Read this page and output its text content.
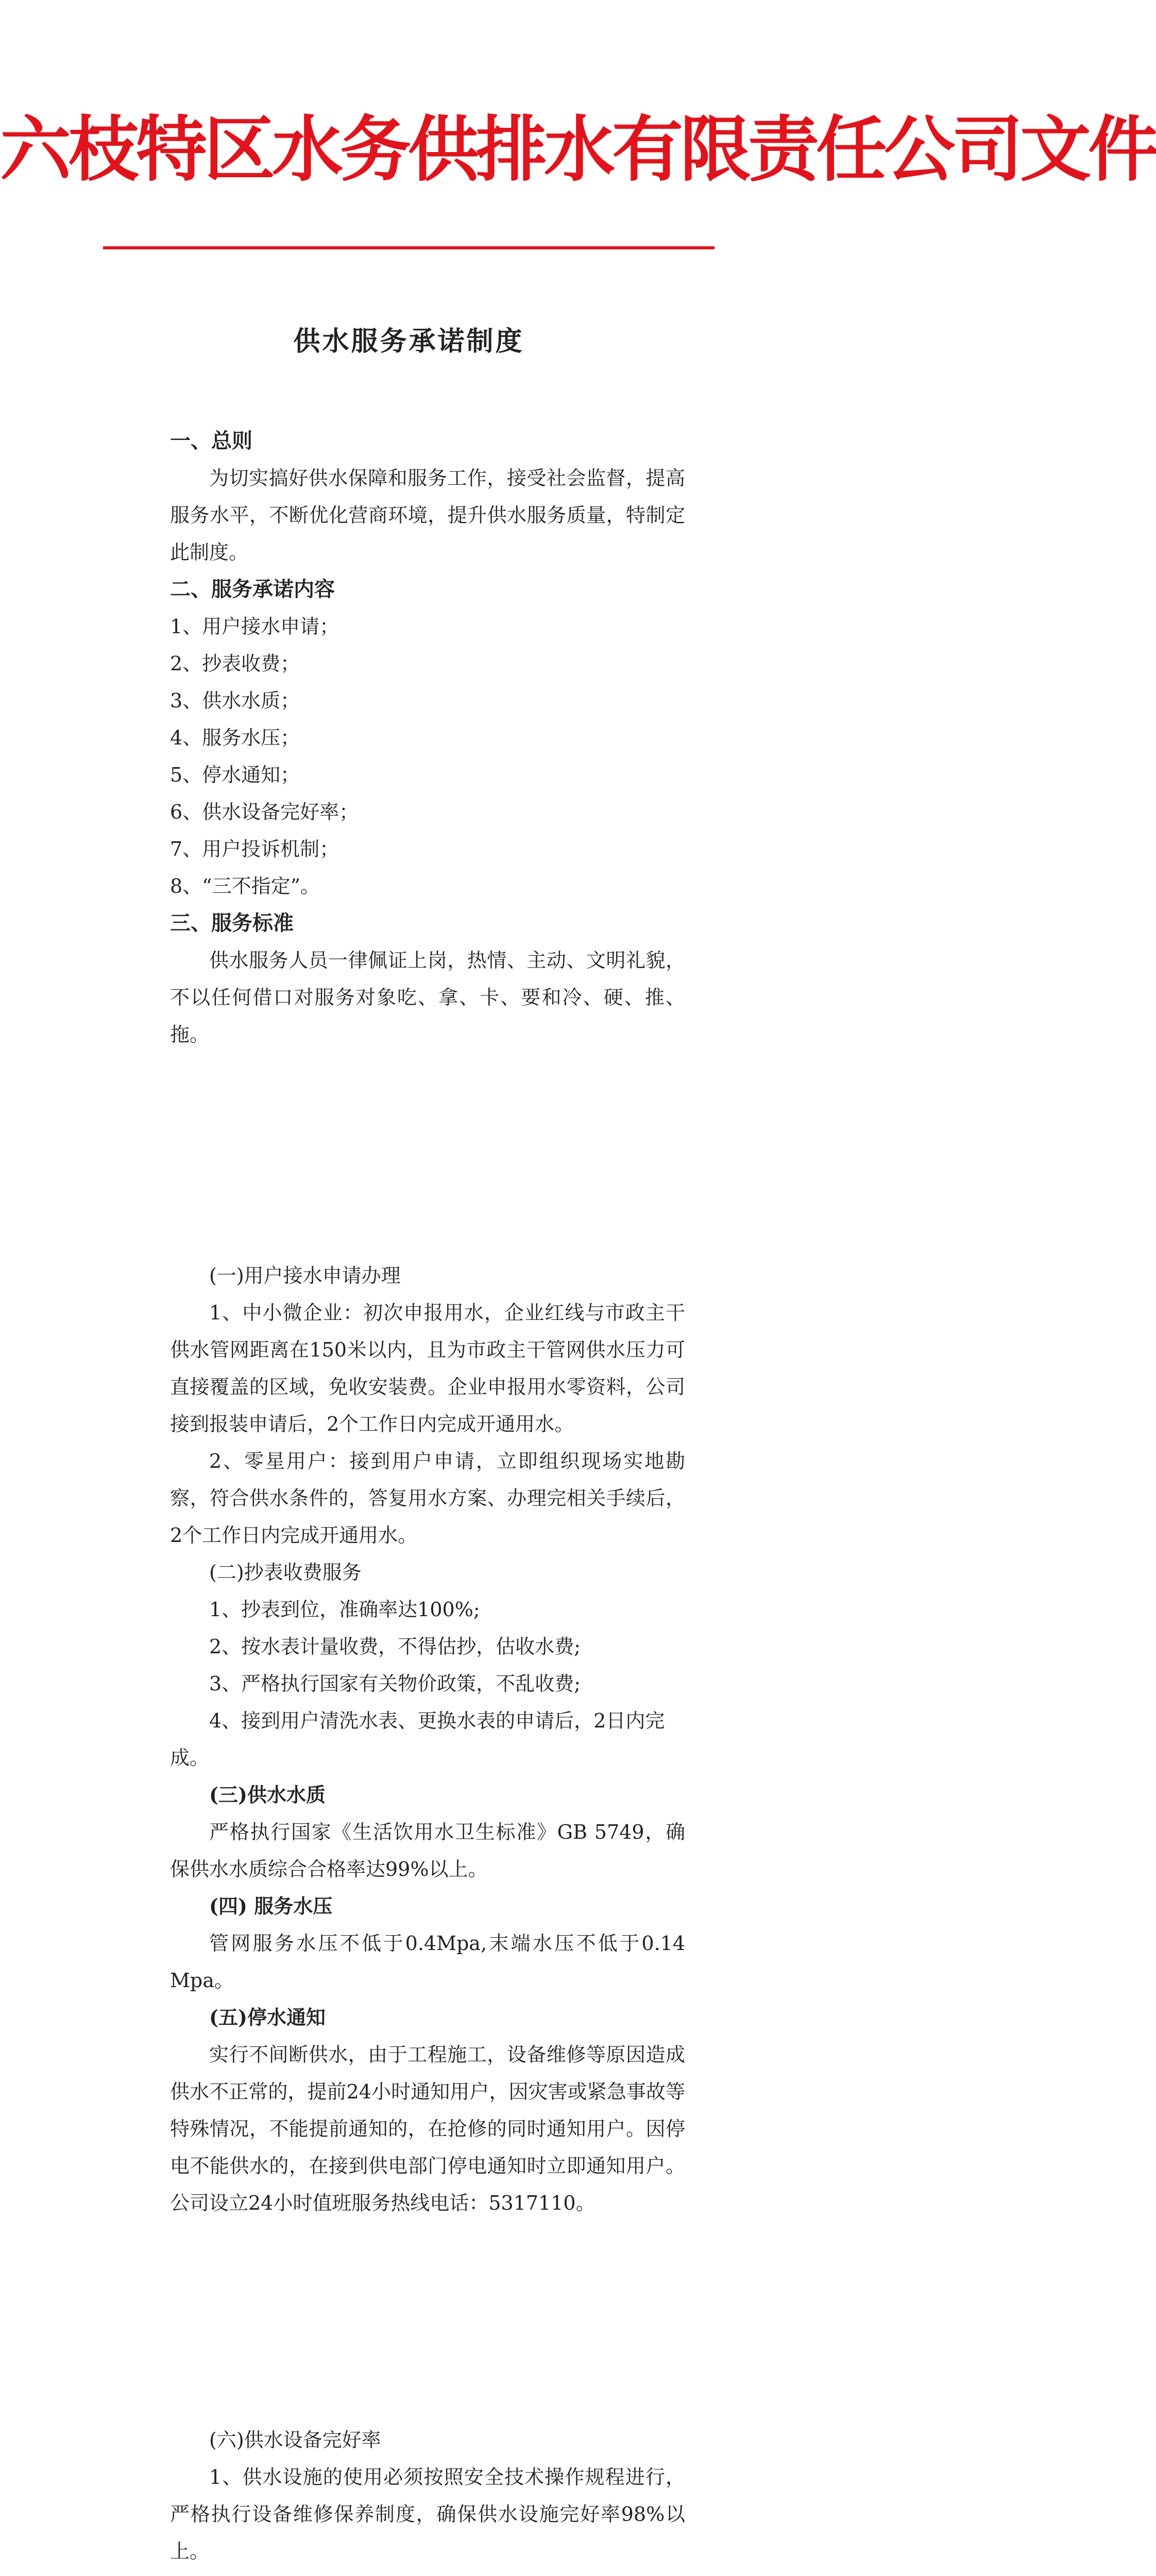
六枝特区水务供排水有限责任公司文件
供水服务承诺制度

一、总则

为切实搞好供水保障和服务工作，接受社会监督，提高服务水平，不断优化营商环境，提升供水服务质量，特制定此制度。

二、服务承诺内容

1、用户接水申请；

2、抄表收费；

3、供水水质；

4、服务水压；

5、停水通知；

6、供水设备完好率；

7、用户投诉机制；

8、“三不指定”。

三、服务标准

供水服务人员一律佩证上岗，热情、主动、文明礼貌，不以任何借口对服务对象吃、拿、卡、要和冷、硬、推、拖。

(一)用户接水申请办理

1、中小微企业：初次申报用水，企业红线与市政主干供水管网距离在150米以内，且为市政主干管网供水压力可直接覆盖的区域，免收安装费。企业申报用水零资料，公司接到报装申请后，2个工作日内完成开通用水。

2、零星用户：接到用户申请，立即组织现场实地勘察，符合供水条件的，答复用水方案、办理完相关手续后，2个工作日内完成开通用水。

(二)抄表收费服务

1、抄表到位，准确率达100%;

2、按水表计量收费，不得估抄，估收水费;

3、严格执行国家有关物价政策，不乱收费;

4、接到用户清洗水表、更换水表的申请后，2日内完成。

(三)供水水质

严格执行国家《生活饮用水卫生标准》GB 5749，确保供水水质综合合格率达99%以上。

(四) 服务水压

管网服务水压不低于0.4Mpa,末端水压不低于0.14 Mpa。

(五)停水通知

实行不间断供水，由于工程施工，设备维修等原因造成供水不正常的，提前24小时通知用户，因灾害或紧急事故等特殊情况，不能提前通知的，在抢修的同时通知用户。因停电不能供水的，在接到供电部门停电通知时立即通知用户。公司设立24小时值班服务热线电话：5317110。

(六)供水设备完好率

1、供水设施的使用必须按照安全技术操作规程进行，严格执行设备维修保养制度，确保供水设施完好率98%以上。
